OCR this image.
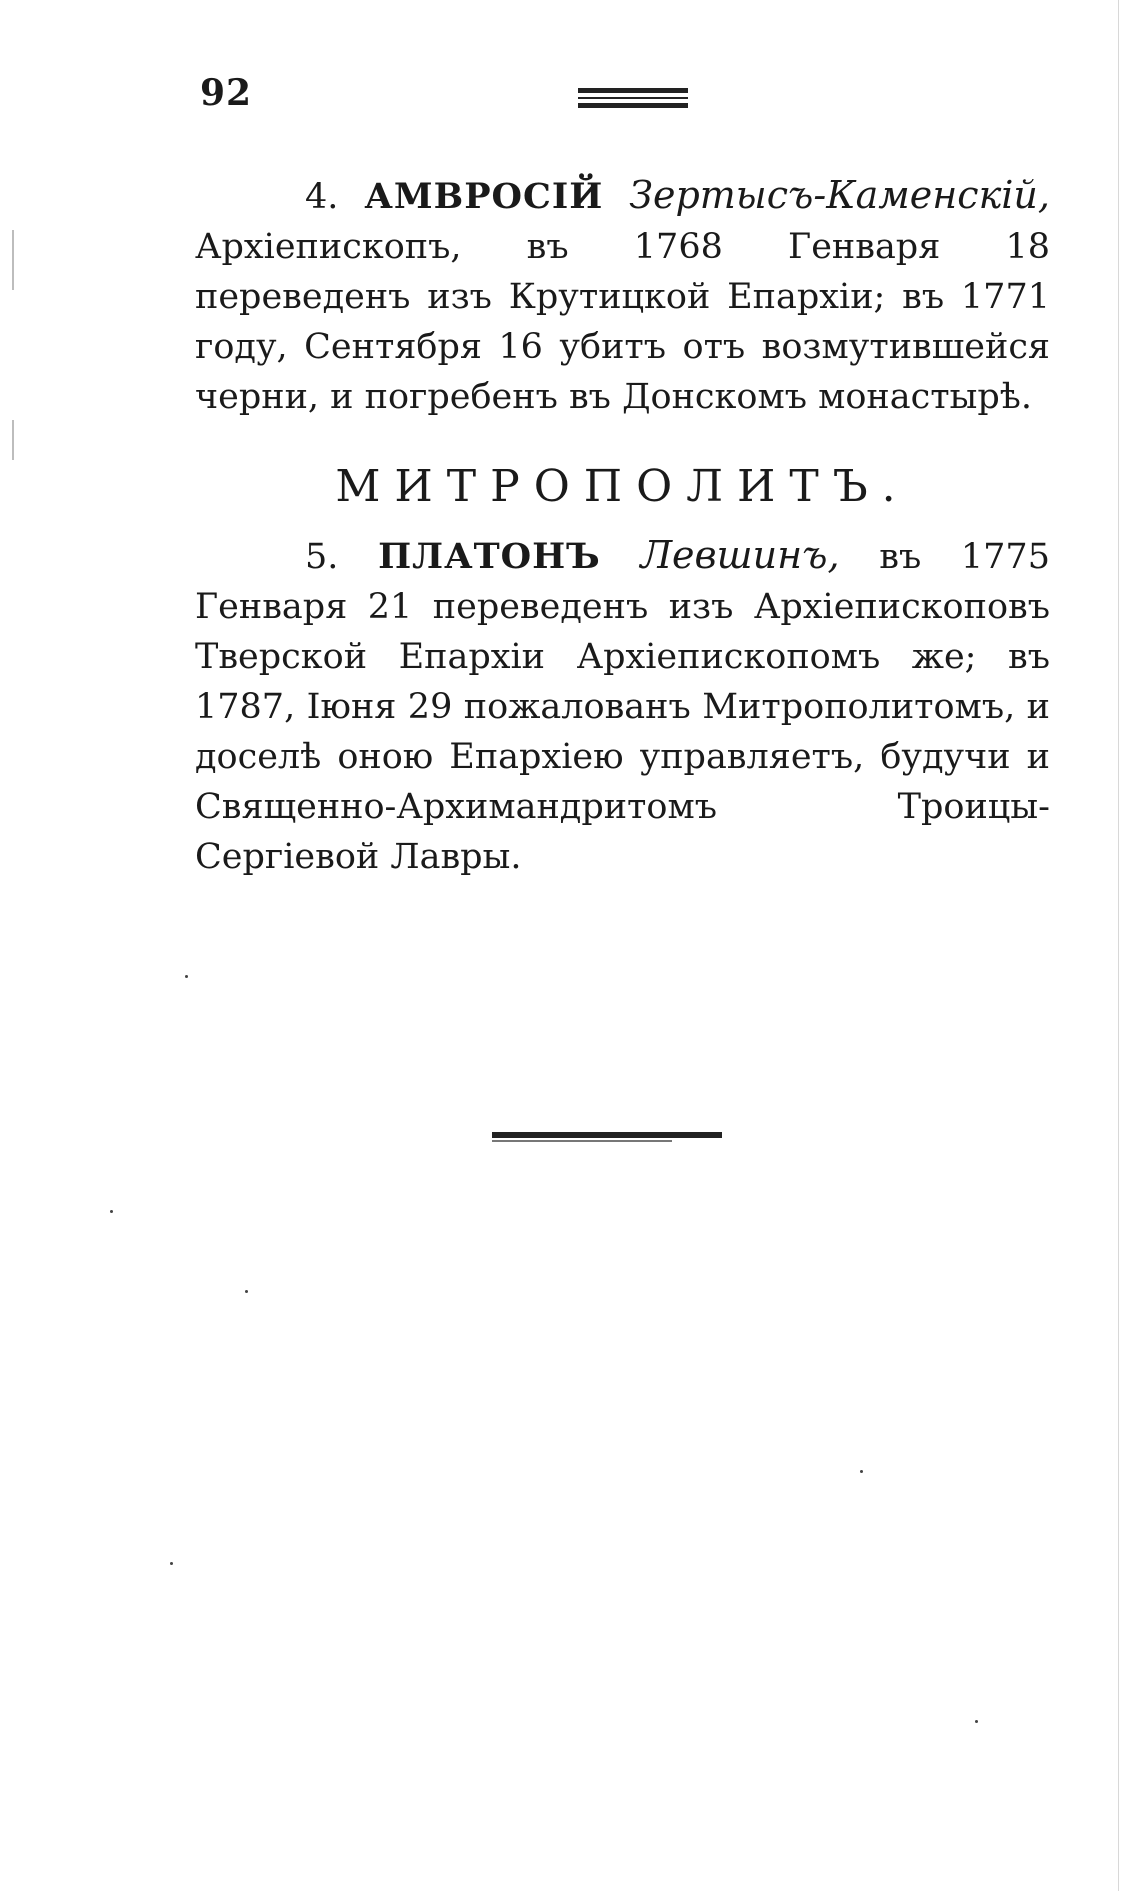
92

4. АМВРОСІЙ Зертысъ-Каменскій, Архіепископъ, въ 1768 Генваря 18 переведенъ изъ Крутицкой Епархіи; въ 1771 году, Сентября 16 убитъ отъ возмутившейся черни, и погребенъ въ Донскомъ монастырѣ.

МИТРОПОЛИТЪ.

5. ПЛАТОНЪ Левшинъ, въ 1775 Генваря 21 переведенъ изъ Архіепископовъ Тверской Епархіи Архіепископомъ же; въ 1787, Іюня 29 пожалованъ Митрополитомъ, и доселѣ оною Епархіею управляетъ, будучи и Священно-Архимандритомъ Троицы-Сергіевой Лавры.
